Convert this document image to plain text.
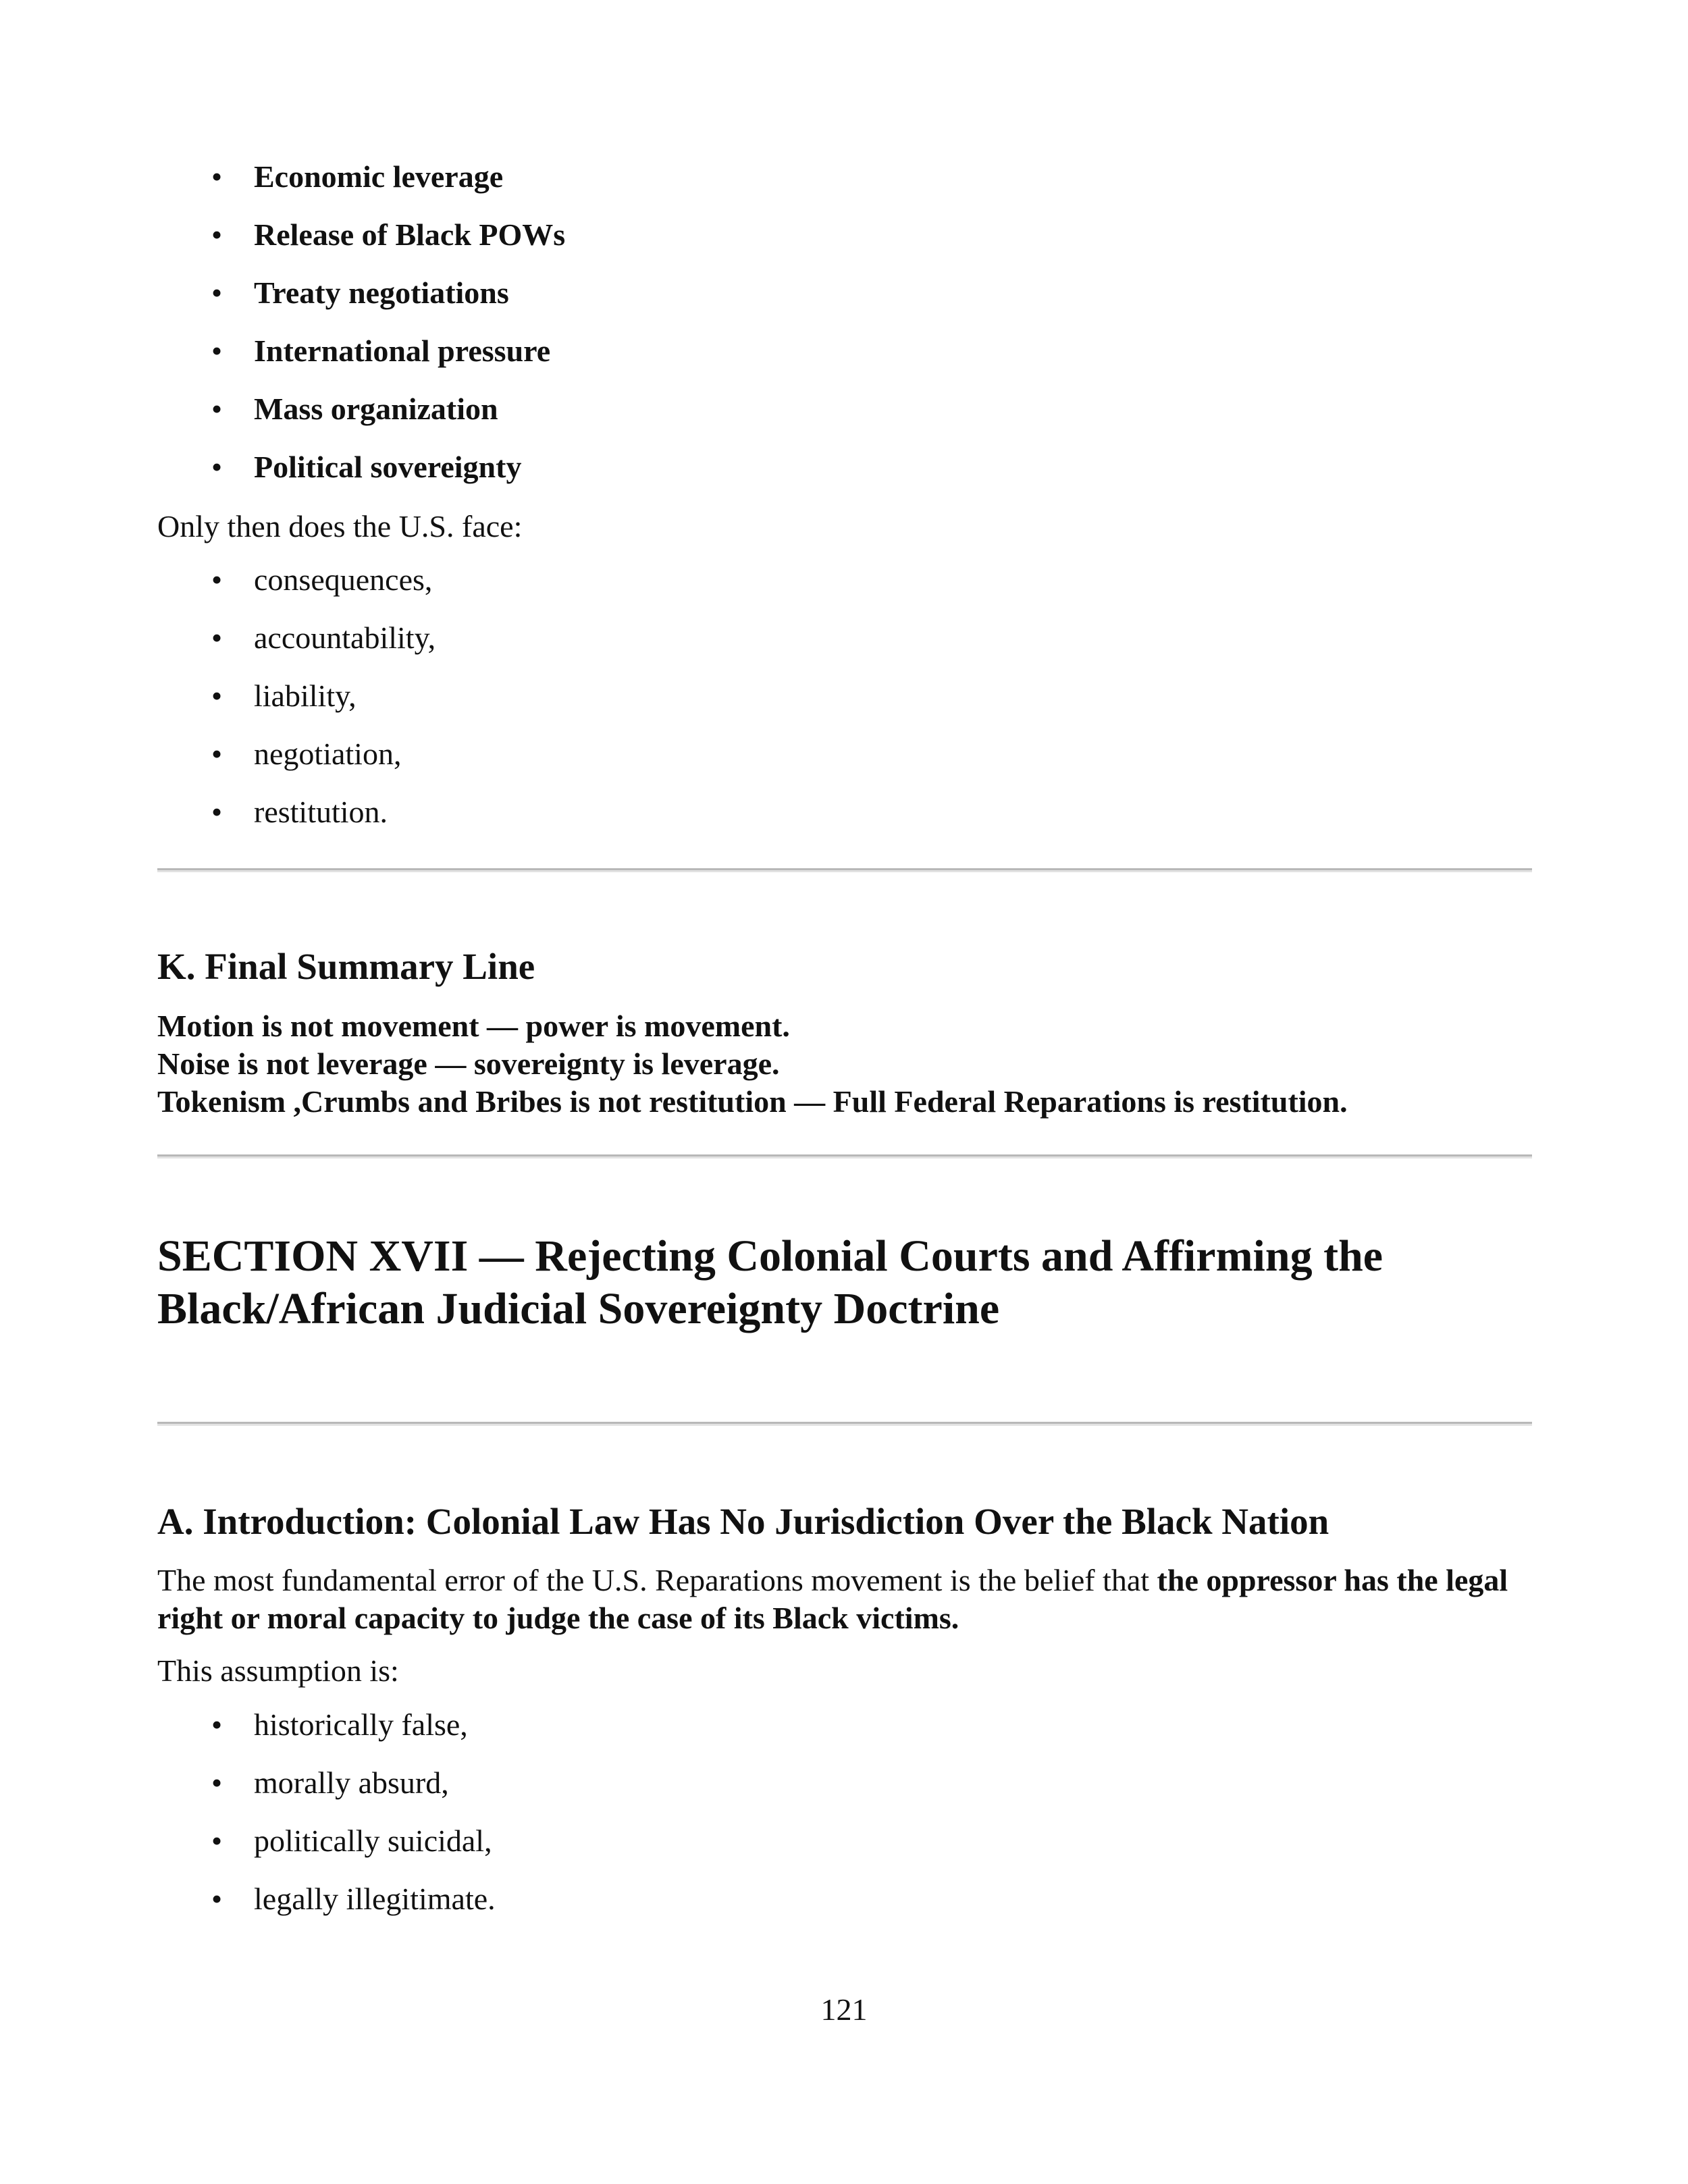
• Economic leverage
• Release of Black POWs
• Treaty negotiations
• International pressure
• Mass organization
• Political sovereignty

Only then does the U.S. face:

• consequences,
• accountability,
• liability,
• negotiation,
• restitution.
K. Final Summary Line

Motion is not movement — power is movement.

Noise is not leverage — sovereignty is leverage.

Tokenism ,Crumbs and Bribes is not restitution — Full Federal Reparations is restitution.

SECTION XVII — Rejecting Colonial Courts and Affirming the
Black/African Judicial Sovereignty Doctrine
A. Introduction: Colonial Law Has No Jurisdiction Over the Black Nation

The most fundamental error of the U.S. Reparations movement is the belief that the oppressor has the legal right or moral capacity to judge the case of its Black victims.

This assumption is:

• historically false,
• morally absurd,
• politically suicidal,
• legally illegitimate.
121
